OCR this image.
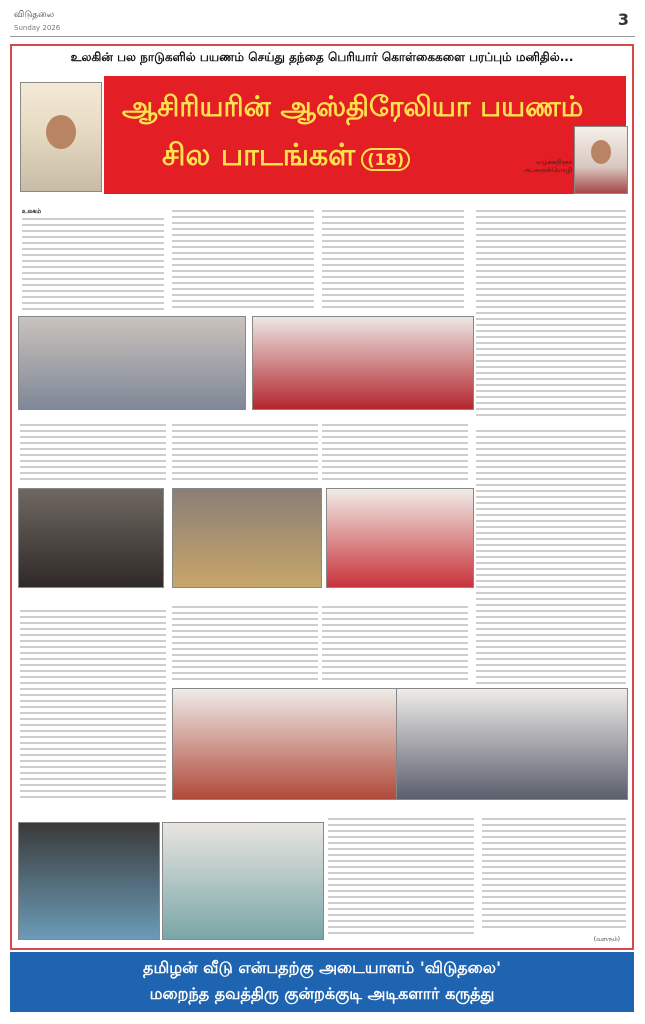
விடுதலை
Sunday 2026	3
உலகின் பல நாடுகளில் பயணம் செய்து தந்தை பெரியார் கொள்கைகளை பரப்பும் மனிதில்...
ஆசிரியரின் ஆஸ்திரேலியா பயணம்
சில பாடங்கள் (18)	வழக்கறிஞர் அ.அருள்மொழி
உலகம்
(வளரும்)
தமிழன் வீடு என்பதற்கு அடையாளம் 'விடுதலை'
மறைந்த தவத்திரு குன்றக்குடி அடிகளார் கருத்து
